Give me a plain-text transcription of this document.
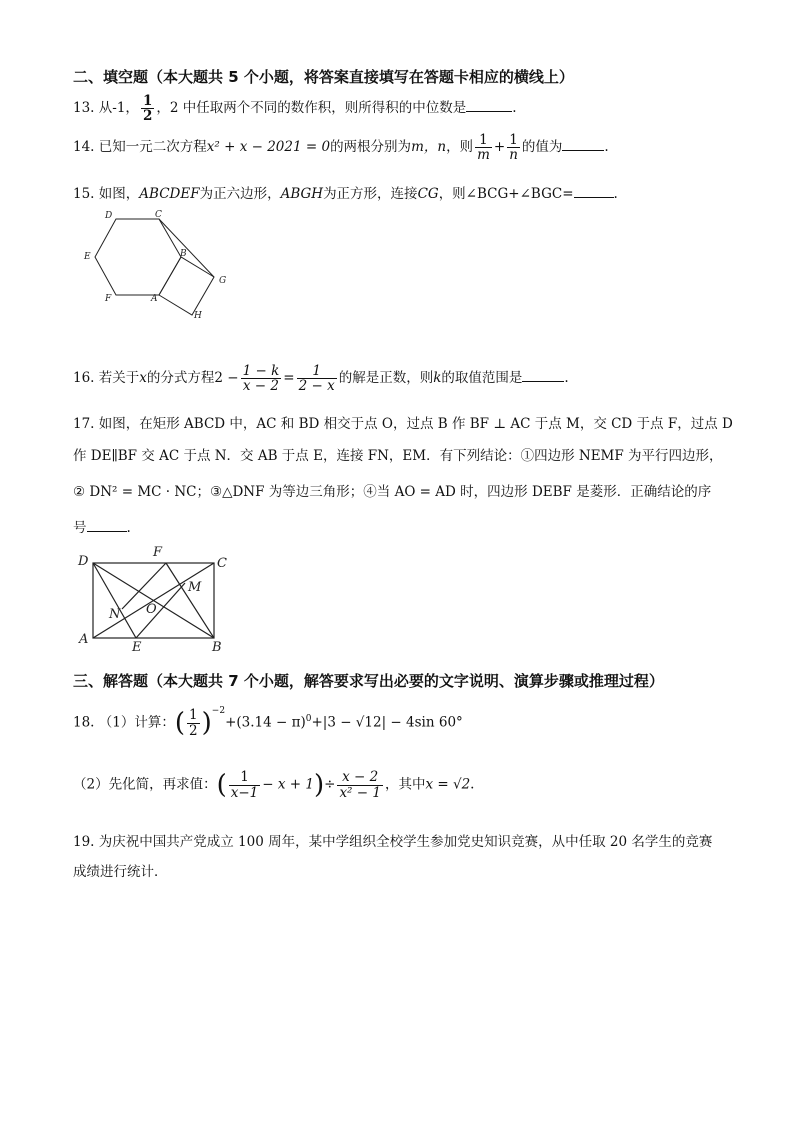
二、填空题（本大题共 5 个小题，将答案直接填写在答题卡相应的横线上）
13. 从-1， $\frac{1}{2}$ ，2 中任取两个不同的数作积，则所得积的中位数是	.
14. 已知一元二次方程x² + x − 2021 = 0的两根分别为m，n，则 $\frac{1}{m} + \frac{1}{n}$ 的值为	.
15. 如图，ABCDEF为正六边形，ABGH为正方形，连接CG，则∠BCG+∠BGC=	.
D	C
B
E
G
F	A
H
16. 若关于x的分式方程$2 - \frac{1 - k}{x - 2} = \frac{1}{2 - x}$ 的解是正数，则k的取值范围是	.
17. 如图，在矩形 ABCD 中，AC 和 BD 相交于点 O，过点 B 作 BF ⊥ AC 于点 M，交 CD 于点 F，过点 D
作 DE∥BF 交 AC 于点 N．交 AB 于点 E，连接 FN，EM．有下列结论：①四边形 NEMF 为平行四边形，
② DN² = MC · NC；③△DNF 为等边三角形；④当 AO = AD 时，四边形 DEBF 是菱形．正确结论的序
号	.
D
F
C
M
N O
A
E	B
三、解答题（本大题共 7 个小题，解答要求写出必要的文字说明、演算步骤或推理过程）
18. （1）计算：( $\frac{1}{2} )^{-2}+(3.14 - \pi)^0+|3 - √12| - 4\sin$ 60°
（2）先化简，再求值：( $\frac{1}{x-1} - x + 1)\div \frac{x - 2}{\text{x² − 1}}$ ，其中x = √2.
19. 为庆祝中国共产党成立 100 周年，某中学组织全校学生参加党史知识竞赛，从中任取 20 名学生的竞赛
成绩进行统计．
